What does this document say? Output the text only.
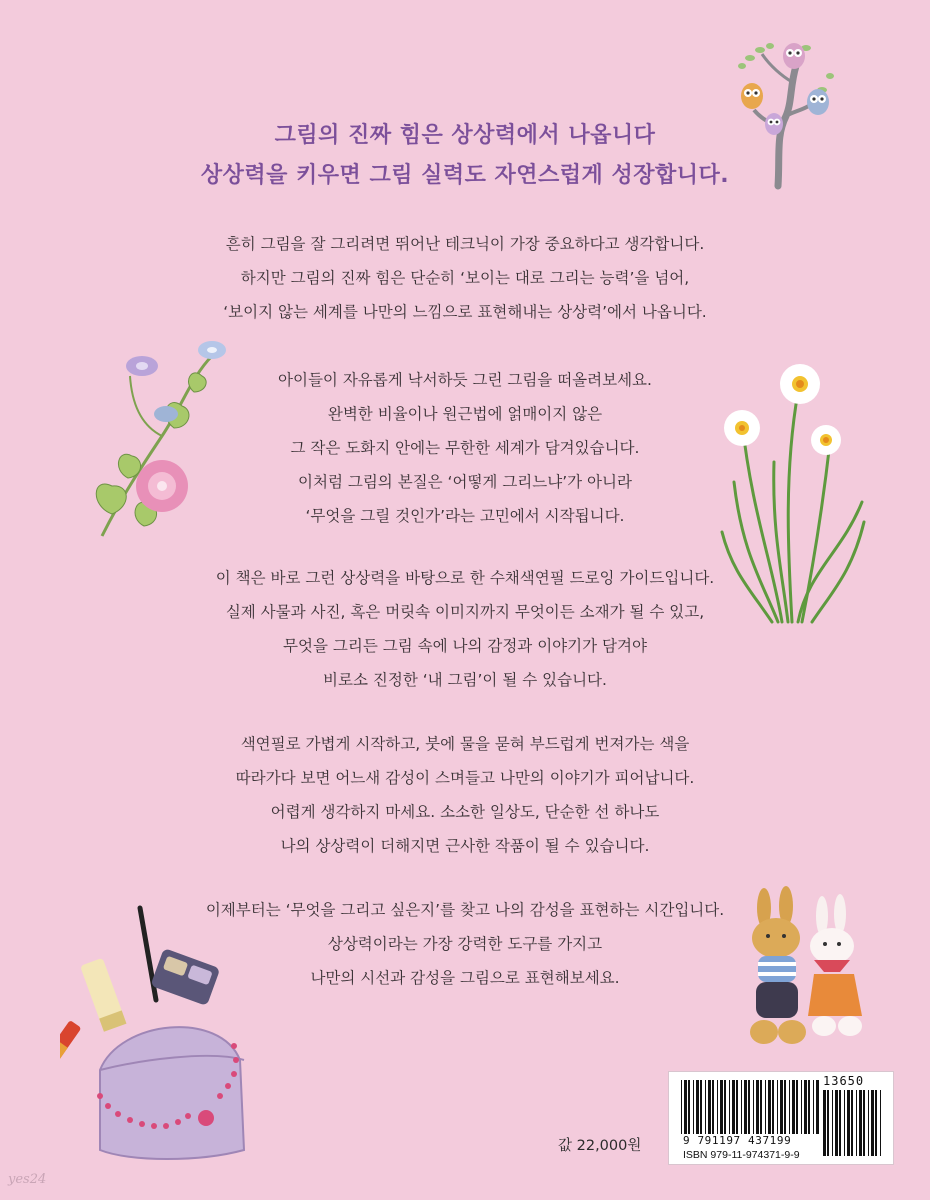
그림의 진짜 힘은 상상력에서 나옵니다
상상력을 키우면 그림 실력도 자연스럽게 성장합니다.
흔히 그림을 잘 그리려면 뛰어난 테크닉이 가장 중요하다고 생각합니다.
하지만 그림의 진짜 힘은 단순히 ‘보이는 대로 그리는 능력’을 넘어,
‘보이지 않는 세계를 나만의 느낌으로 표현해내는 상상력’에서 나옵니다.
아이들이 자유롭게 낙서하듯 그린 그림을 떠올려보세요.
완벽한 비율이나 원근법에 얽매이지 않은
그 작은 도화지 안에는 무한한 세계가 담겨있습니다.
이처럼 그림의 본질은 ‘어떻게 그리느냐’가 아니라
‘무엇을 그릴 것인가’라는 고민에서 시작됩니다.
이 책은 바로 그런 상상력을 바탕으로 한 수채색연필 드로잉 가이드입니다.
실제 사물과 사진, 혹은 머릿속 이미지까지 무엇이든 소재가 될 수 있고,
무엇을 그리든 그림 속에 나의 감정과 이야기가 담겨야
비로소 진정한 ‘내 그림’이 될 수 있습니다.
색연필로 가볍게 시작하고, 붓에 물을 묻혀 부드럽게 번져가는 색을
따라가다 보면 어느새 감성이 스며들고 나만의 이야기가 피어납니다.
어렵게 생각하지 마세요. 소소한 일상도, 단순한 선 하나도
나의 상상력이 더해지면 근사한 작품이 될 수 있습니다.
이제부터는 ‘무엇을 그리고 싶은지’를 찾고 나의 감성을 표현하는 시간입니다.
상상력이라는 가장 강력한 도구를 가지고
나만의 시선과 감성을 그림으로 표현해보세요.
9 791197 437199
ISBN 979-11-974371-9-9
13650
값 22,000원
yes24
